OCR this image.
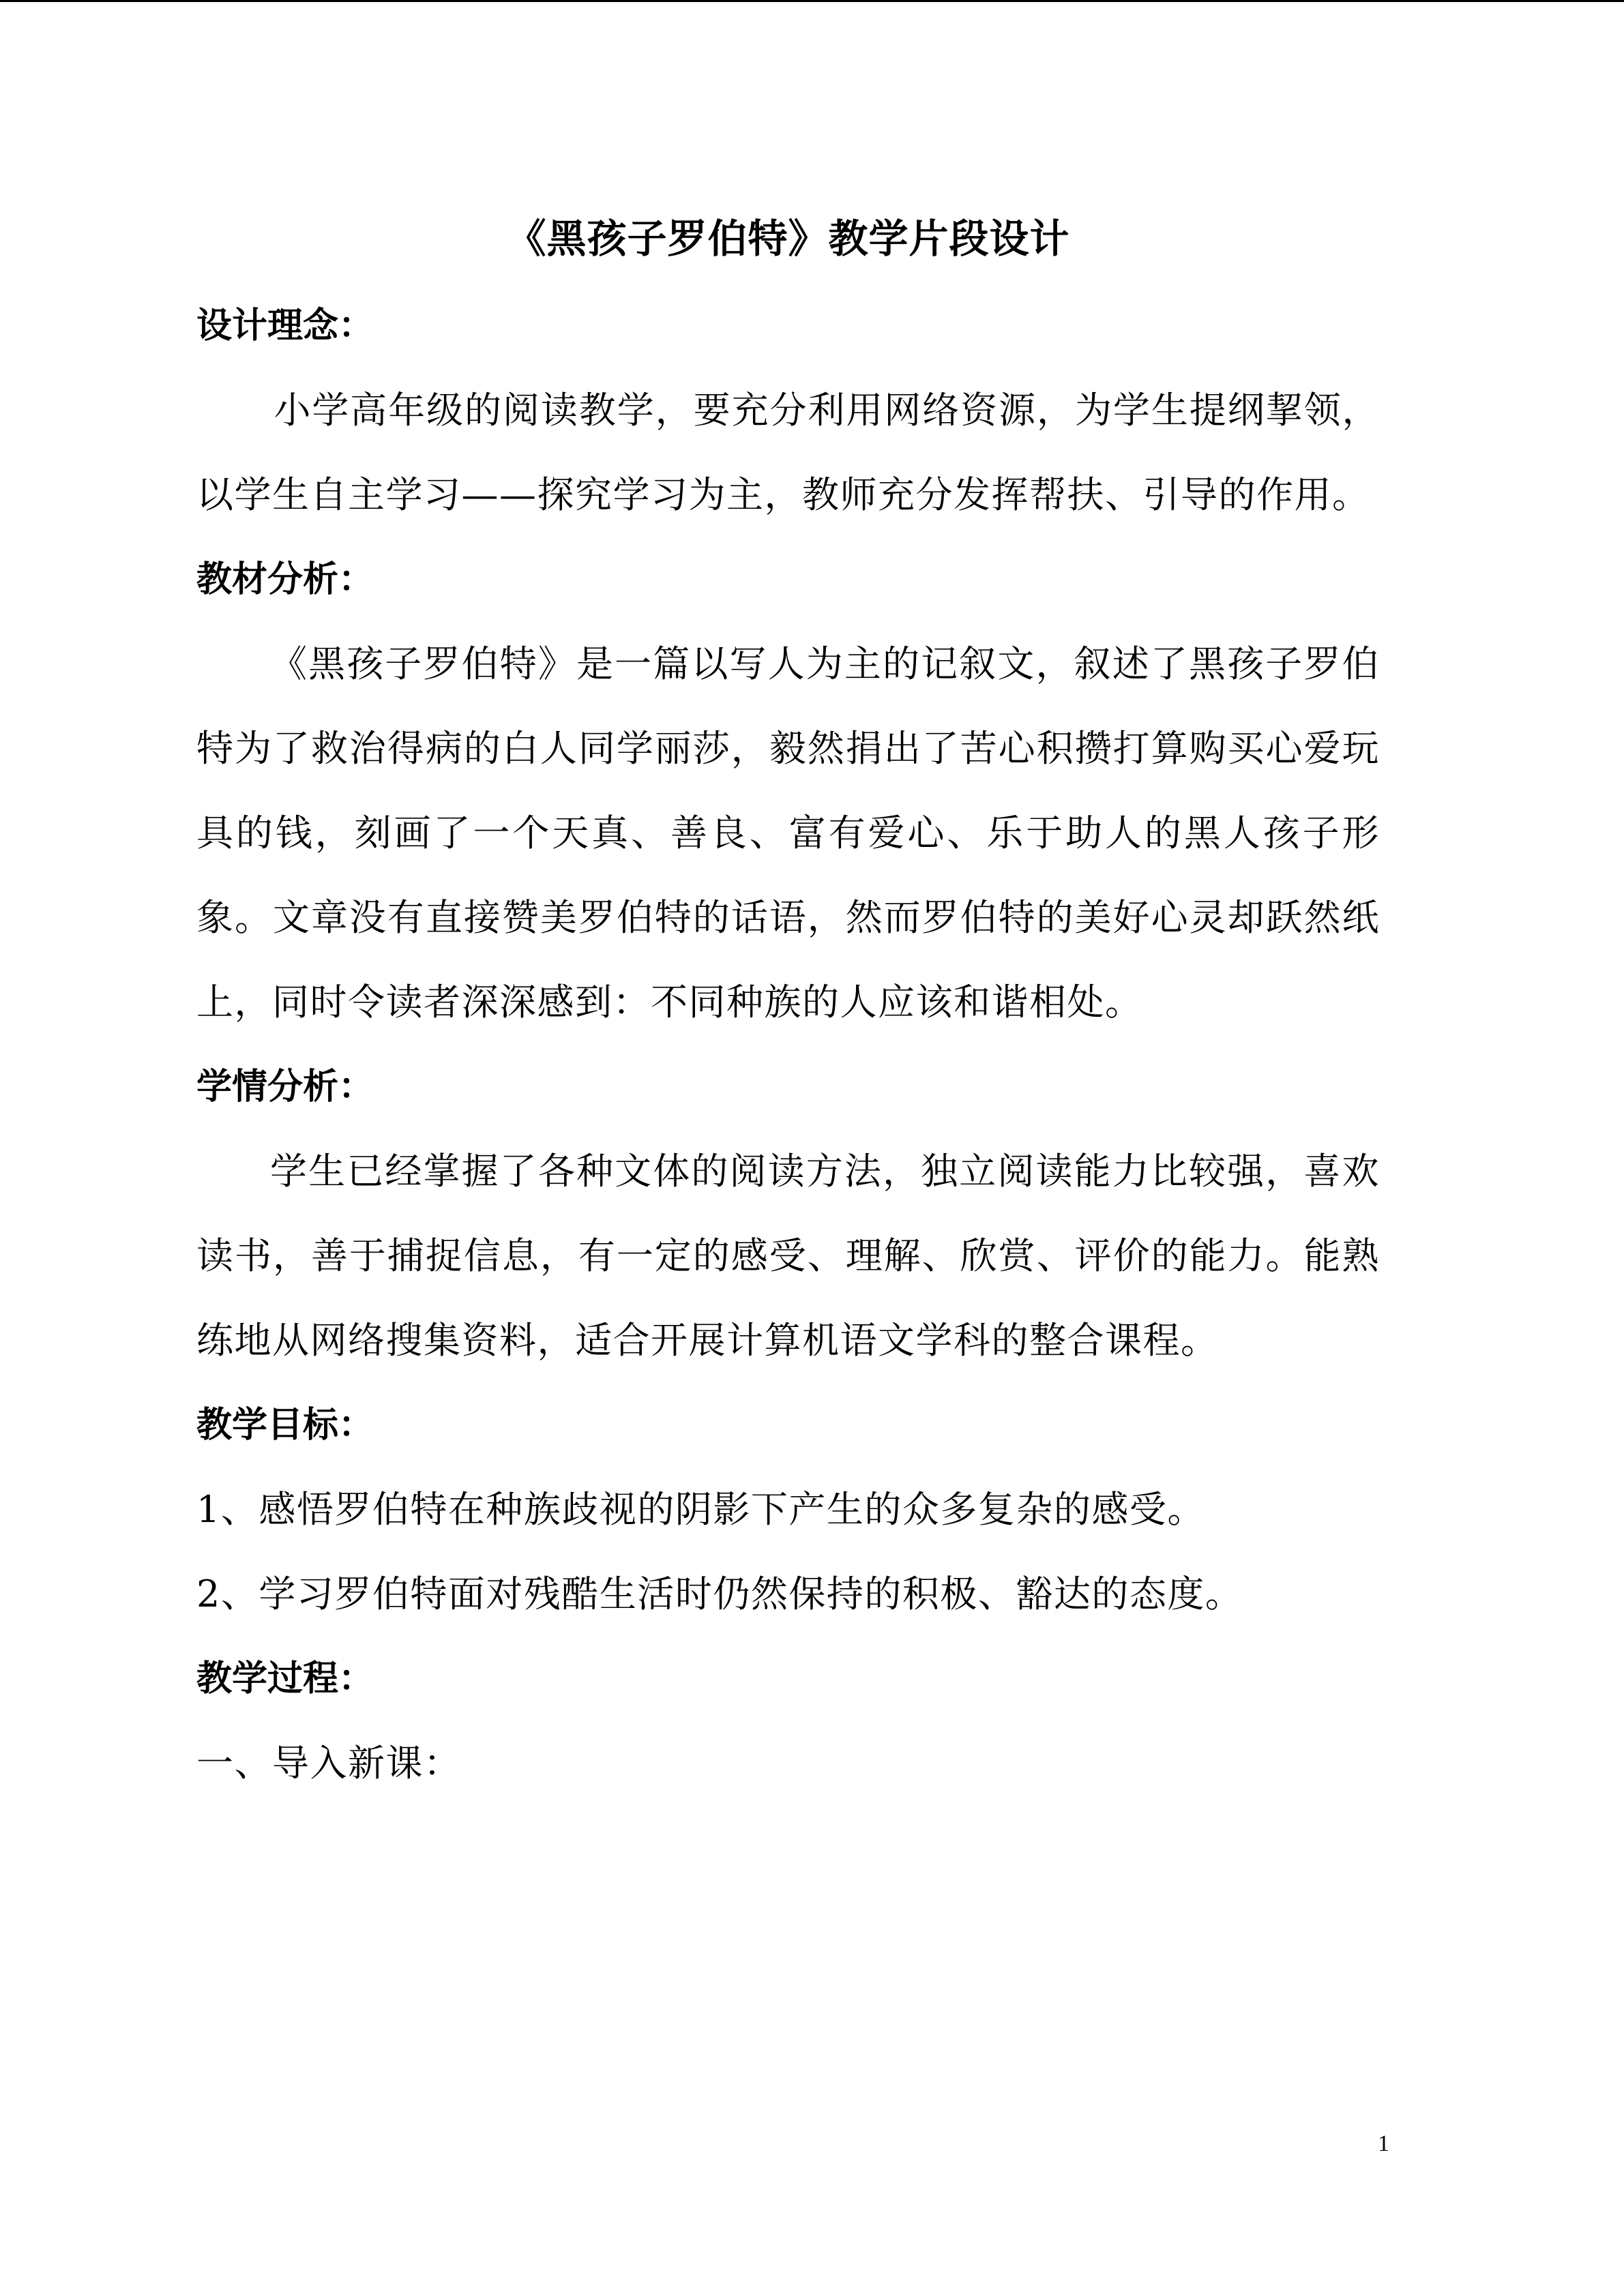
《黑孩子罗伯特》教学片段设计

设计理念：

小学高年级的阅读教学，要充分利用网络资源，为学生提纲挈领，以学生自主学习——探究学习为主，教师充分发挥帮扶、引导的作用。

教材分析：

《黑孩子罗伯特》是一篇以写人为主的记叙文，叙述了黑孩子罗伯特为了救治得病的白人同学丽莎，毅然捐出了苦心积攒打算购买心爱玩具的钱，刻画了一个天真、善良、富有爱心、乐于助人的黑人孩子形象。文章没有直接赞美罗伯特的话语，然而罗伯特的美好心灵却跃然纸上，同时令读者深深感到：不同种族的人应该和谐相处。

学情分析：

学生已经掌握了各种文体的阅读方法，独立阅读能力比较强，喜欢读书，善于捕捉信息，有一定的感受、理解、欣赏、评价的能力。能熟练地从网络搜集资料，适合开展计算机语文学科的整合课程。

教学目标：

1、感悟罗伯特在种族歧视的阴影下产生的众多复杂的感受。

2、学习罗伯特面对残酷生活时仍然保持的积极、豁达的态度。

教学过程：

一、导入新课：

1
